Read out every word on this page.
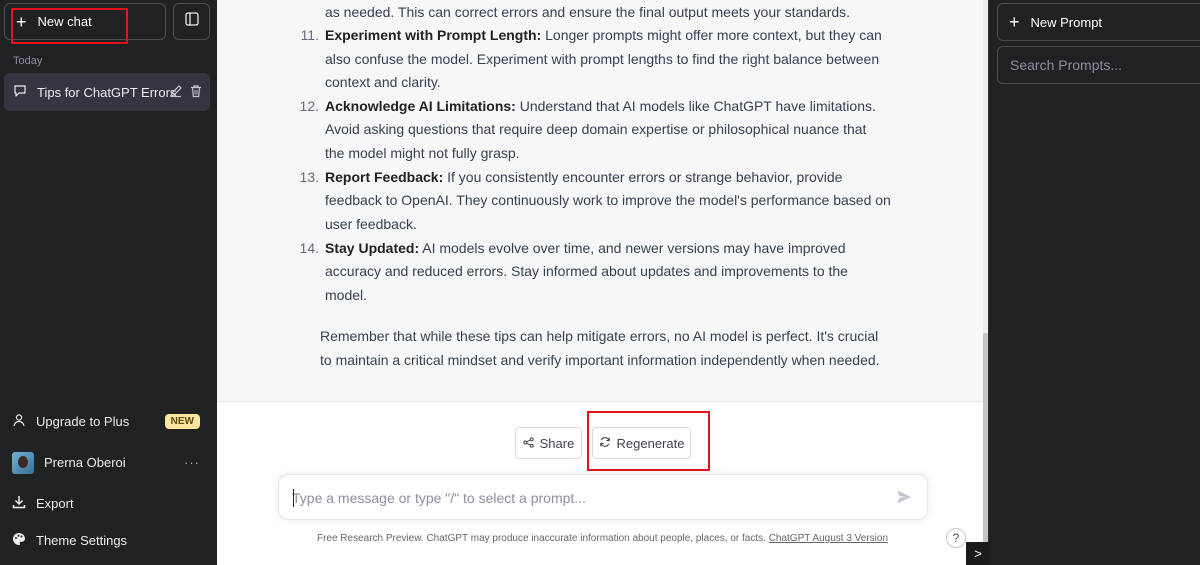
+ New chat
Today
Tips for ChatGPT Errors
Upgrade to Plus	NEW
Prerna Oberoi	···
Export
Theme Settings
as needed. This can correct errors and ensure the final output meets your standards.
11. Experiment with Prompt Length: Longer prompts might offer more context, but they can
also confuse the model. Experiment with prompt lengths to find the right balance between
context and clarity.
12. Acknowledge AI Limitations: Understand that AI models like ChatGPT have limitations.
Avoid asking questions that require deep domain expertise or philosophical nuance that
the model might not fully grasp.
13. Report Feedback: If you consistently encounter errors or strange behavior, provide
feedback to OpenAI. They continuously work to improve the model's performance based on
user feedback.
14. Stay Updated: AI models evolve over time, and newer versions may have improved
accuracy and reduced errors. Stay informed about updates and improvements to the
model.
Remember that while these tips can help mitigate errors, no AI model is perfect. It's crucial
to maintain a critical mindset and verify important information independently when needed.
Share	Regenerate
Type a message or type "/" to select a prompt...
Free Research Preview. ChatGPT may produce inaccurate information about people, places, or facts. ChatGPT August 3 Version	?
+ New Prompt
Search Prompts...
>
